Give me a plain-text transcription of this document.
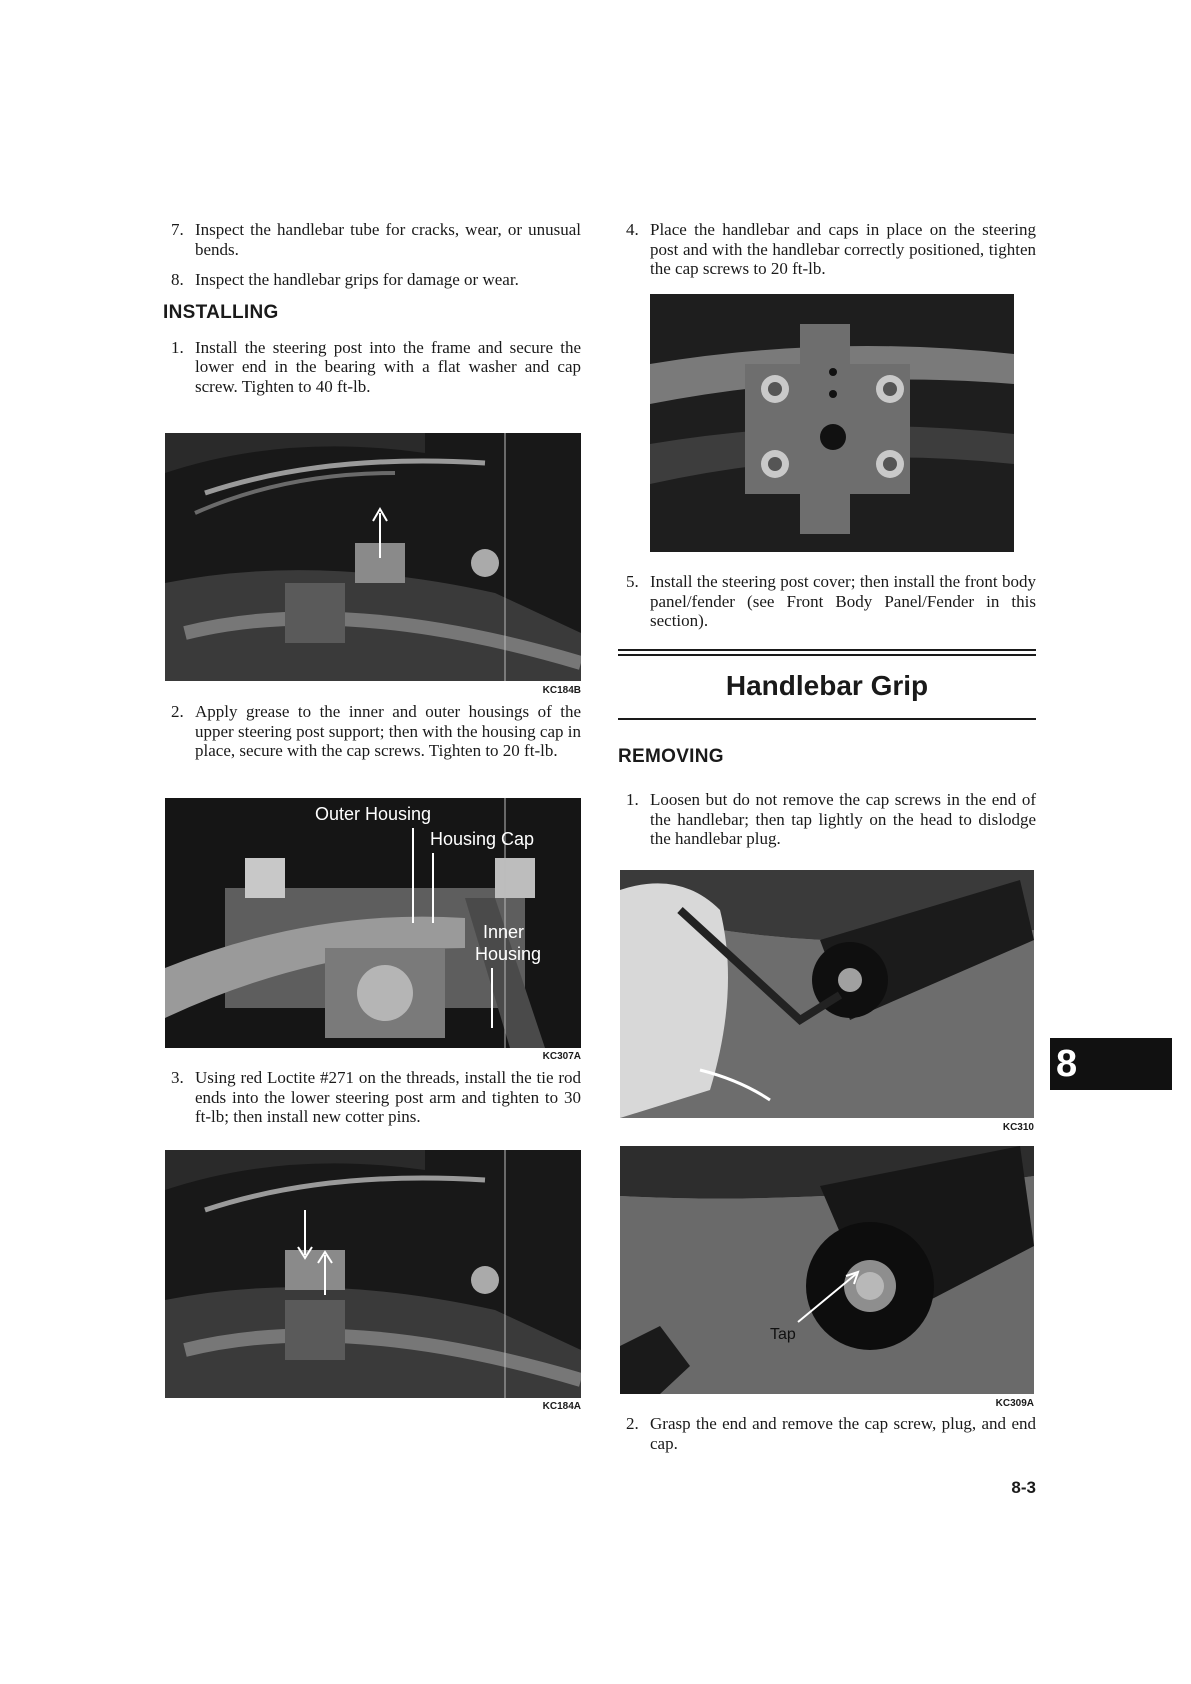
7. Inspect the handlebar tube for cracks, wear, or unusual bends.
8. Inspect the handlebar grips for damage or wear.
INSTALLING
1. Install the steering post into the frame and secure the lower end in the bearing with a flat washer and cap screw. Tighten to 40 ft-lb.
KC184B
2. Apply grease to the inner and outer housings of the upper steering post support; then with the housing cap in place, secure with the cap screws. Tighten to 20 ft-lb.
Outer Housing
Housing Cap
Inner
Housing
KC307A
3. Using red Loctite #271 on the threads, install the tie rod ends into the lower steering post arm and tighten to 30 ft-lb; then install new cotter pins.
KC184A
4. Place the handlebar and caps in place on the steering post and with the handlebar correctly positioned, tighten the cap screws to 20 ft-lb.
5. Install the steering post cover; then install the front body panel/fender (see Front Body Panel/Fender in this section).
Handlebar Grip
REMOVING
1. Loosen but do not remove the cap screws in the end of the handlebar; then tap lightly on the head to dislodge the handlebar plug.
KC310
Tap
KC309A
2. Grasp the end and remove the cap screw, plug, and end cap.
8
8-3
